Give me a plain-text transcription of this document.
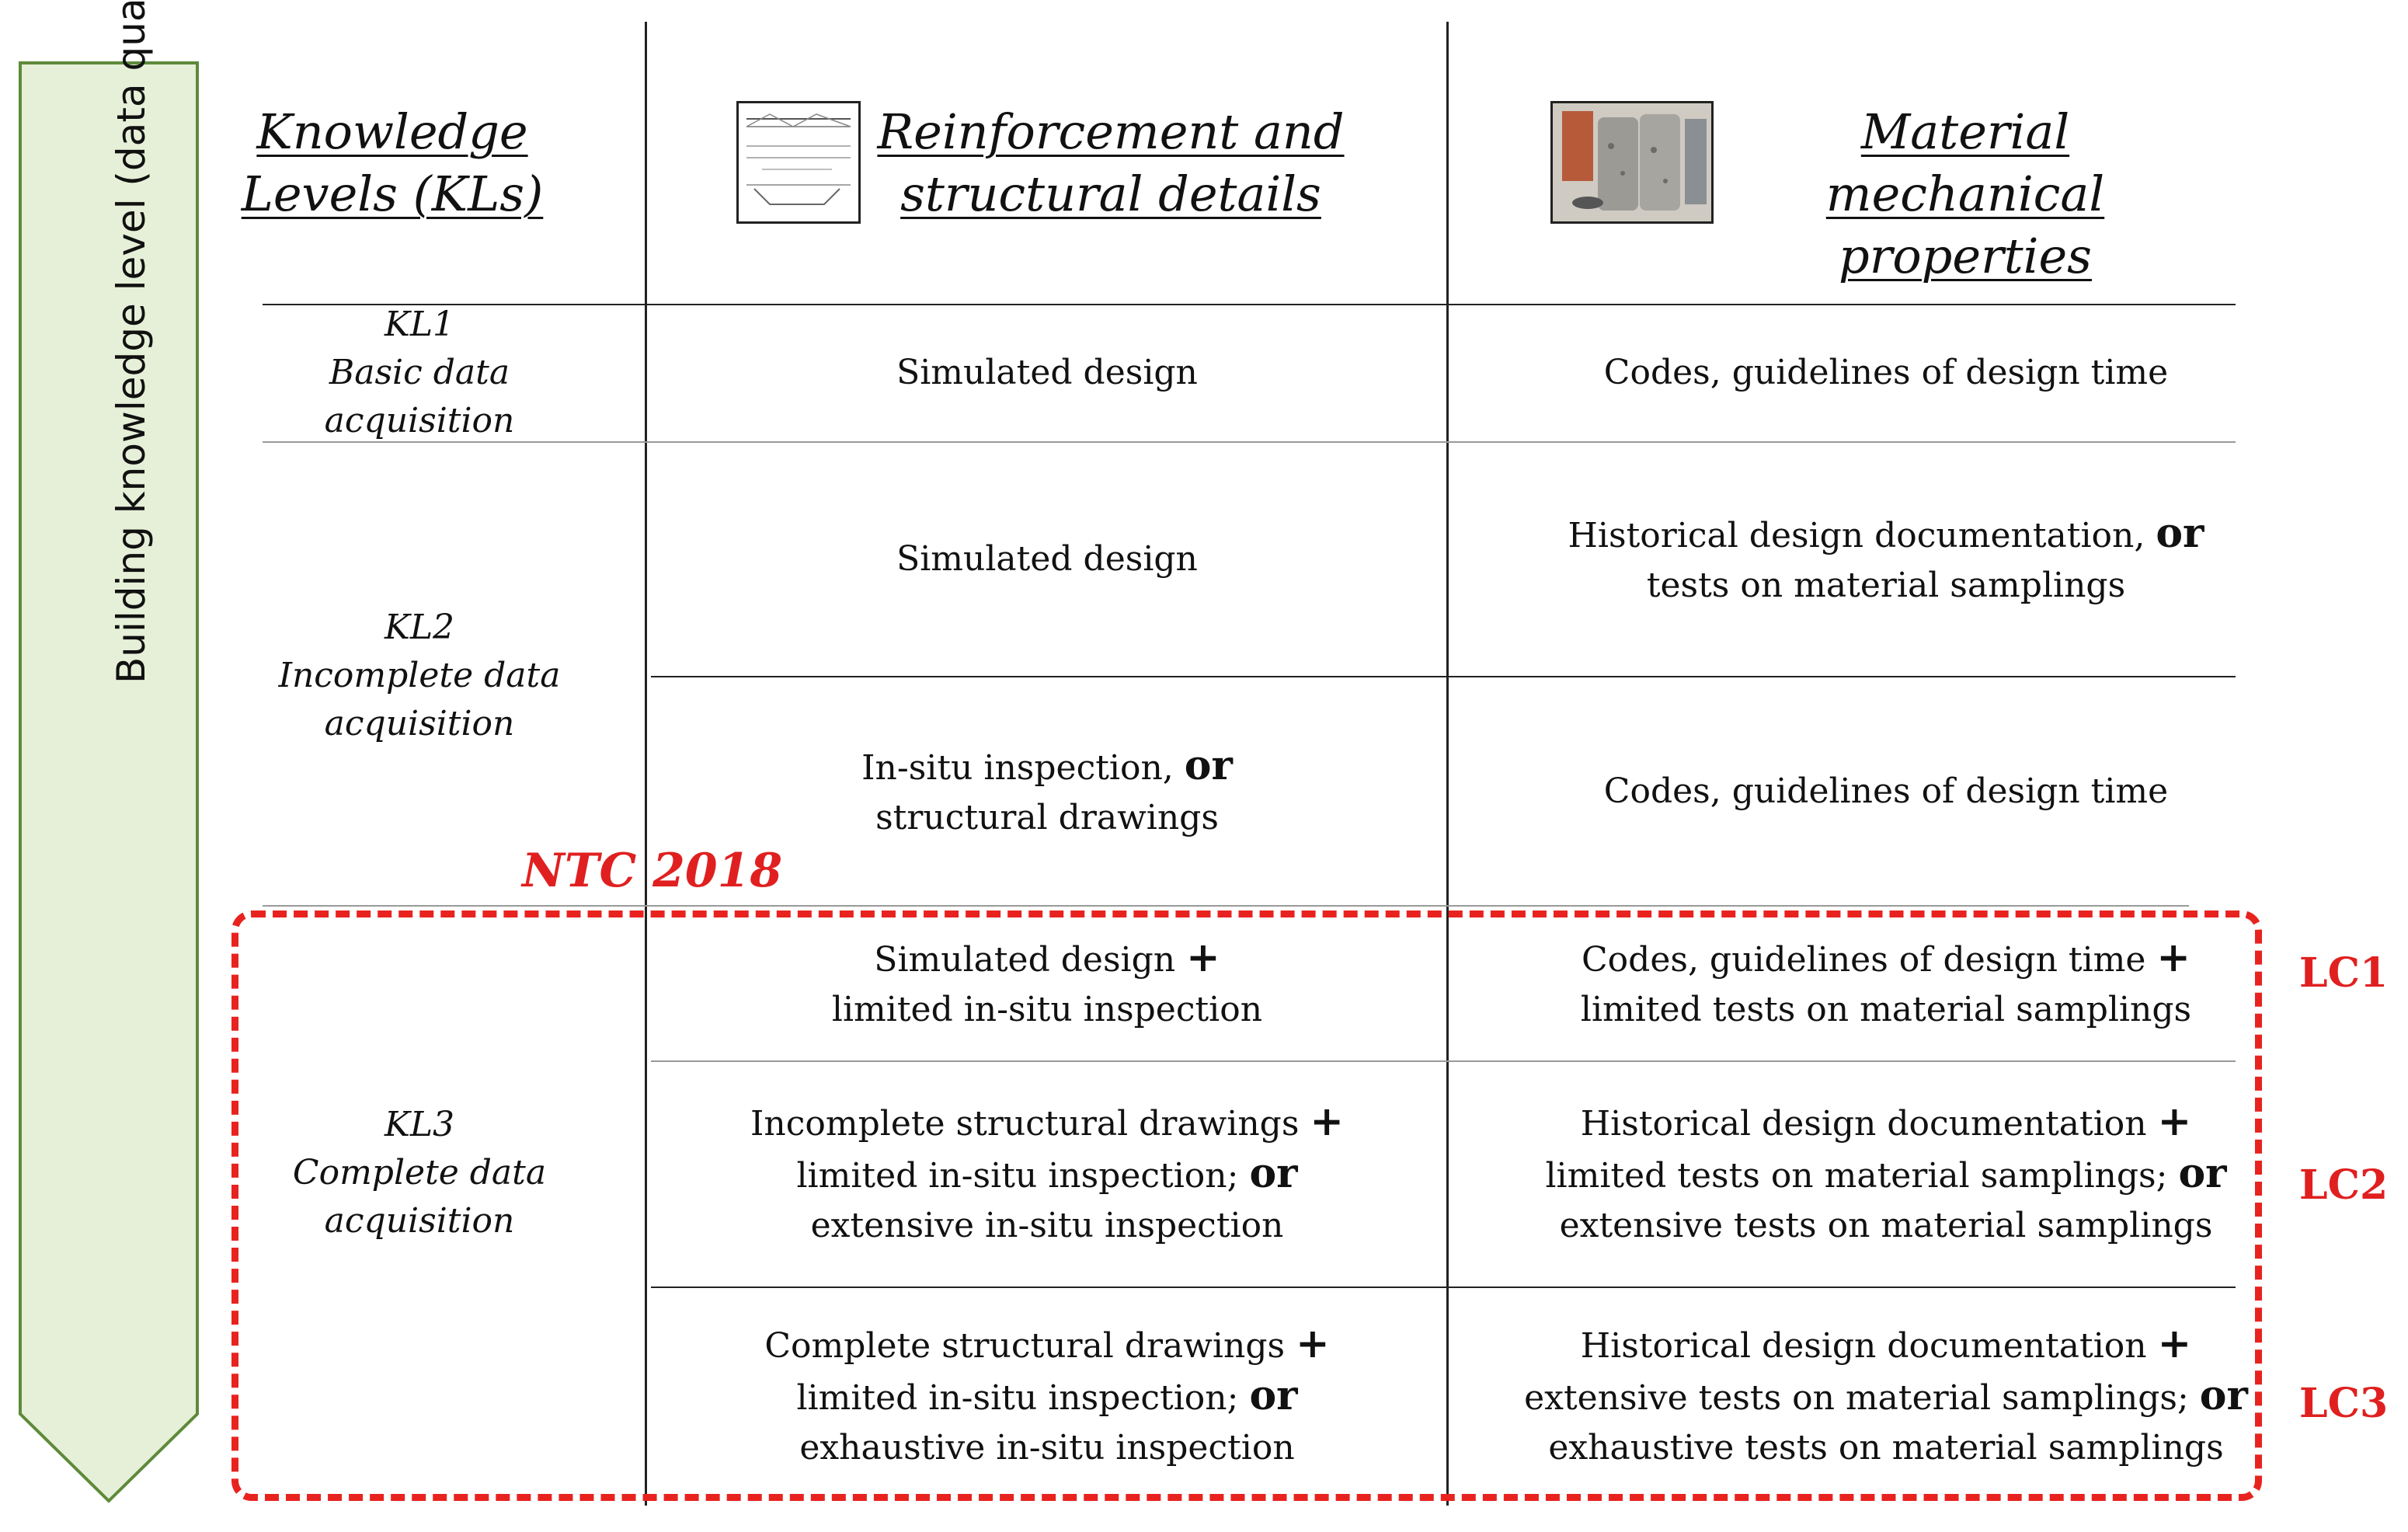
Knowledge
Levels (KLs)
Reinforcement and
structural details
Material mechanical
properties
KL1
Basic data acquisition
KL2
Incomplete data
acquisition
KL3
Complete data
acquisition
Simulated design	Codes, guidelines of design time
Simulated design
Historical design documentation, or
tests on material samplings
In-situ inspection, or
structural drawings
Codes, guidelines of design time
Simulated design +
limited in-situ inspection
Codes, guidelines of design time +
limited tests on material samplings
Incomplete structural drawings +
limited in-situ inspection; or
extensive in-situ inspection
Historical design documentation +
limited tests on material samplings; or
extensive tests on material samplings
Complete structural drawings +
limited in-situ inspection; or
exhaustive in-situ inspection
Historical design documentation +
extensive tests on material samplings; or
exhaustive tests on material samplings
NTC 2018
LC1
LC2
LC3
